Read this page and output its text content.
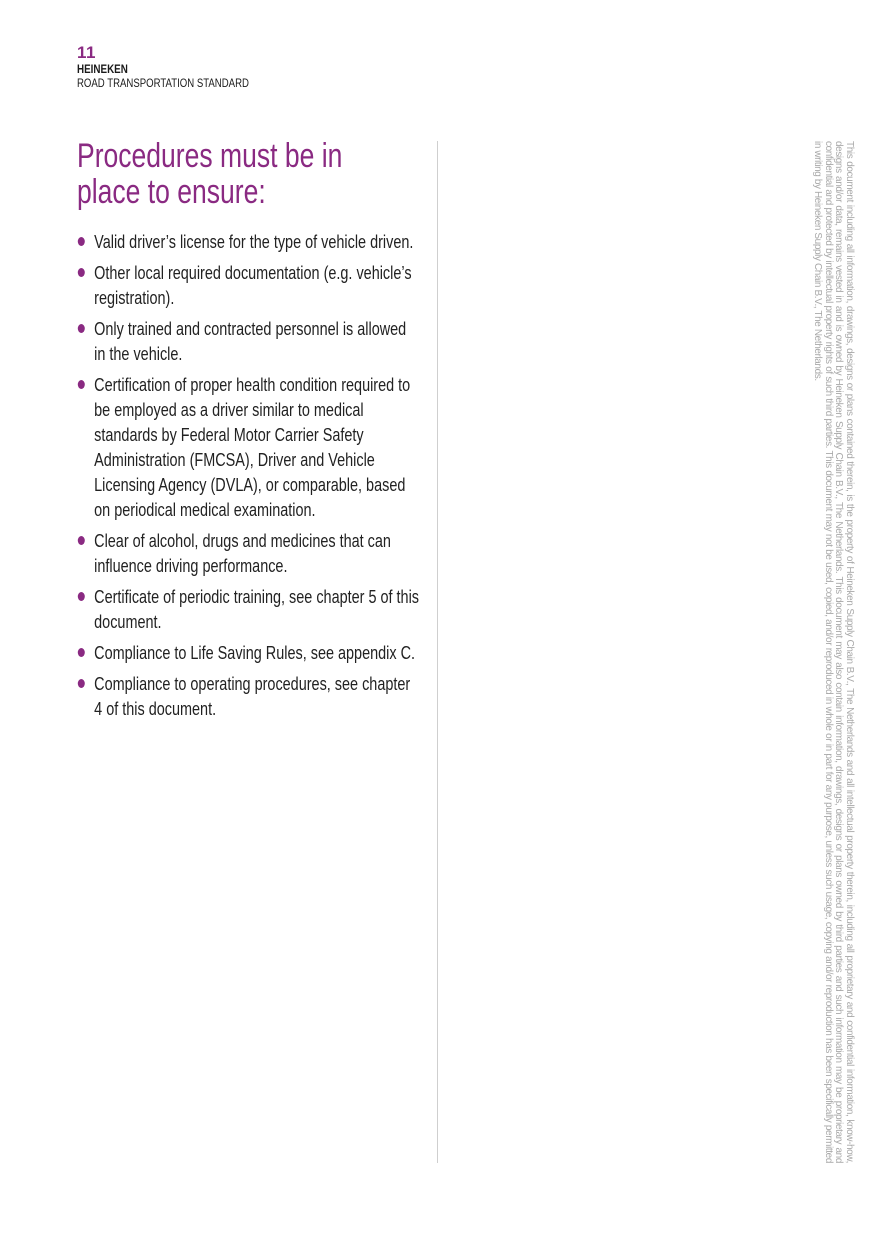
11
HEINEKEN
ROAD TRANSPORTATION STANDARD
Procedures must be in place to ensure:
Valid driver’s license for the type of vehicle driven.
Other local required documentation (e.g. vehicle’s registration).
Only trained and contracted personnel is allowed in the vehicle.
Certification of proper health condition required to be employed as a driver similar to medical standards by Federal Motor Carrier Safety Administration (FMCSA), Driver and Vehicle Licensing Agency (DVLA), or comparable, based on periodical medical examination.
Clear of alcohol, drugs and medicines that can influence driving performance.
Certificate of periodic training, see chapter 5 of this document.
Compliance to Life Saving Rules, see appendix C.
Compliance to operating procedures, see chapter 4 of this document.	This document including all information, drawings, designs or plans contained therein, is the property of Heineken Supply Chain B.V., The Netherlands and all intellectual property therein, including all proprietary and confidential information, know-how, designs and/or data, remains vested in and is owned by Heineken Supply Chain B.V., The Netherlands. This document may also contain information, drawings, designs or plans owned by third parties and such information may be proprietary and confidential and protected by intellectual property rights of such third parties. This document may not be used, copied, and/or reproduced in whole or in part for any purpose, unless such usage, copying and/or reproduction has been specifically permitted in writing by Heineken Supply Chain B.V., The Netherlands.
